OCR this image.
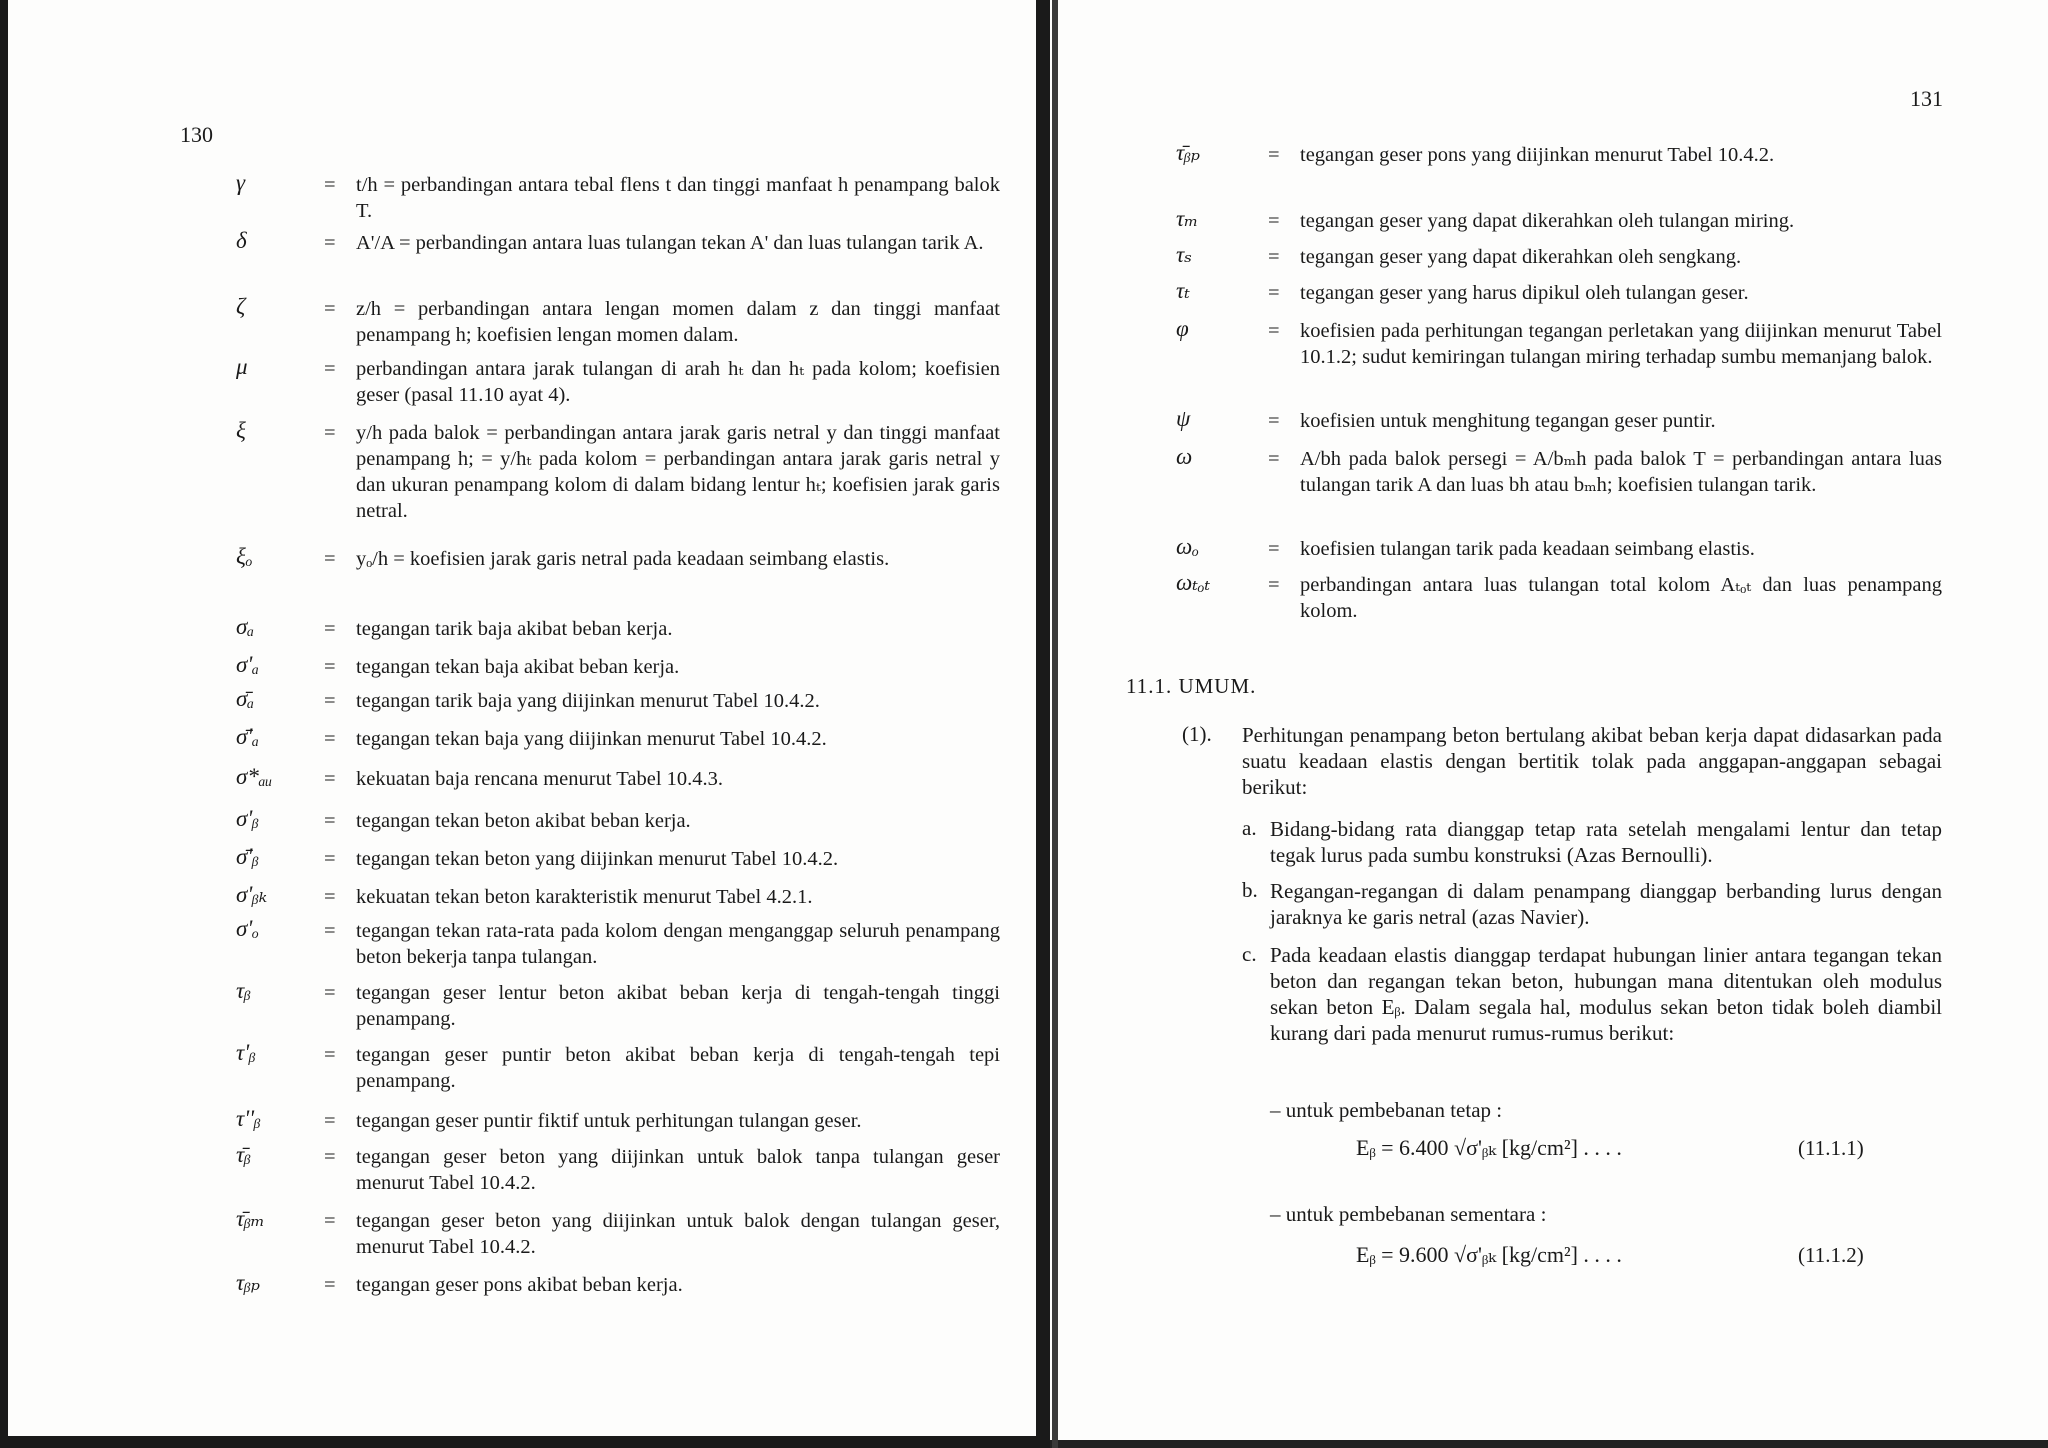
130
131
γ	= t/h = perbandingan antara tebal flens t dan tinggi manfaat h penampang balok T.
δ	= A'/A = perbandingan antara luas tulangan tekan A' dan luas tulangan tarik A.
ζ	= z/h = perbandingan antara lengan momen dalam z dan tinggi manfaat penampang h; koefisien lengan momen dalam.
μ	= perbandingan antara jarak tulangan di arah hₜ dan hₜ pada kolom; koefisien geser (pasal 11.10 ayat 4).
ξ	= y/h pada balok = perbandingan antara jarak garis netral y dan tinggi manfaat penampang h; = y/hₜ pada kolom = perbandingan antara jarak garis netral y dan ukuran penampang kolom di dalam bidang lentur hₜ; koefisien jarak garis netral.
ξₒ	= yₒ/h = koefisien jarak garis netral pada keadaan seimbang elastis.
σₐ	= tegangan tarik baja akibat beban kerja.
σ'ₐ	= tegangan tekan baja akibat beban kerja.
σ̄ₐ	= tegangan tarik baja yang diijinkan menurut Tabel 10.4.2.
σ̄'ₐ	= tegangan tekan baja yang diijinkan menurut Tabel 10.4.2.
σ*ₐᵤ	= kekuatan baja rencana menurut Tabel 10.4.3.
σ'ᵦ	= tegangan tekan beton akibat beban kerja.
σ̄'ᵦ	= tegangan tekan beton yang diijinkan menurut Tabel 10.4.2.
σ'ᵦₖ	= kekuatan tekan beton karakteristik menurut Tabel 4.2.1.
σ'ₒ	= tegangan tekan rata-rata pada kolom dengan menganggap seluruh penampang beton bekerja tanpa tulangan.
τᵦ	= tegangan geser lentur beton akibat beban kerja di tengah-tengah tinggi penampang.
τ'ᵦ	= tegangan geser puntir beton akibat beban kerja di tengah-tengah tepi penampang.
τ''ᵦ	= tegangan geser puntir fiktif untuk perhitungan tulangan geser.
τ̄ᵦ	= tegangan geser beton yang diijinkan untuk balok tanpa tulangan geser menurut Tabel 10.4.2.
τ̄ᵦₘ	= tegangan geser beton yang diijinkan untuk balok dengan tulangan geser, menurut Tabel 10.4.2.
τᵦₚ	= tegangan geser pons akibat beban kerja.
τ̄ᵦₚ	= tegangan geser pons yang diijinkan menurut Tabel 10.4.2.
τₘ	= tegangan geser yang dapat dikerahkan oleh tulangan miring.
τₛ	= tegangan geser yang dapat dikerahkan oleh sengkang.
τₜ	= tegangan geser yang harus dipikul oleh tulangan geser.
φ	= koefisien pada perhitungan tegangan perletakan yang diijinkan menurut Tabel 10.1.2; sudut kemiringan tulangan miring terhadap sumbu memanjang balok.
ψ	= koefisien untuk menghitung tegangan geser puntir.
ω	= A/bh pada balok persegi = A/bₘh pada balok T = perbandingan antara luas tulangan tarik A dan luas bh atau bₘh; koefisien tulangan tarik.
ωₒ	= koefisien tulangan tarik pada keadaan seimbang elastis.
ωₜₒₜ	= perbandingan antara luas tulangan total kolom Aₜₒₜ dan luas penampang kolom.
11.1. UMUM.
(1). Perhitungan penampang beton bertulang akibat beban kerja dapat didasarkan pada suatu keadaan elastis dengan bertitik tolak pada anggapan-anggapan sebagai berikut:
a. Bidang-bidang rata dianggap tetap rata setelah mengalami lentur dan tetap tegak lurus pada sumbu konstruksi (Azas Bernoulli).
b. Regangan-regangan di dalam penampang dianggap berbanding lurus dengan jaraknya ke garis netral (azas Navier).
c. Pada keadaan elastis dianggap terdapat hubungan linier antara tegangan tekan beton dan regangan tekan beton, hubungan mana ditentukan oleh modulus sekan beton Eᵦ. Dalam segala hal, modulus sekan beton tidak boleh diambil kurang dari pada menurut rumus-rumus berikut:
– untuk pembebanan tetap :
Eᵦ = 6.400 √σ'ᵦₖ [kg/cm²] . . . .	(11.1.1)
– untuk pembebanan sementara :
Eᵦ = 9.600 √σ'ᵦₖ [kg/cm²] . . . .	(11.1.2)
